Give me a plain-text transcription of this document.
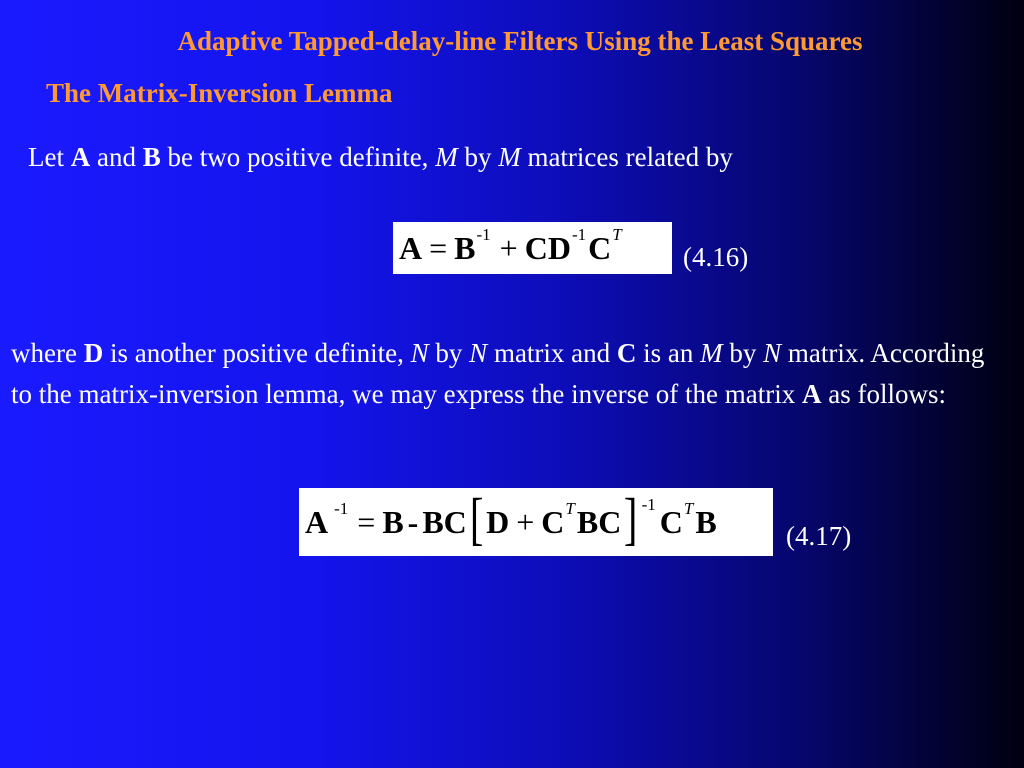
Adaptive Tapped-delay-line Filters Using the Least Squares
The Matrix-Inversion Lemma
Let A and B be two positive definite, M by M matrices related by
A = B -1 + CD -1 C T
(4.16)
where D is another positive definite, N by N matrix and C is an M by N matrix. According to the matrix-inversion lemma, we may express the inverse of the matrix A as follows:
A -1 = B - BC [ D + C T BC ] -1 C T B	(4.17)
